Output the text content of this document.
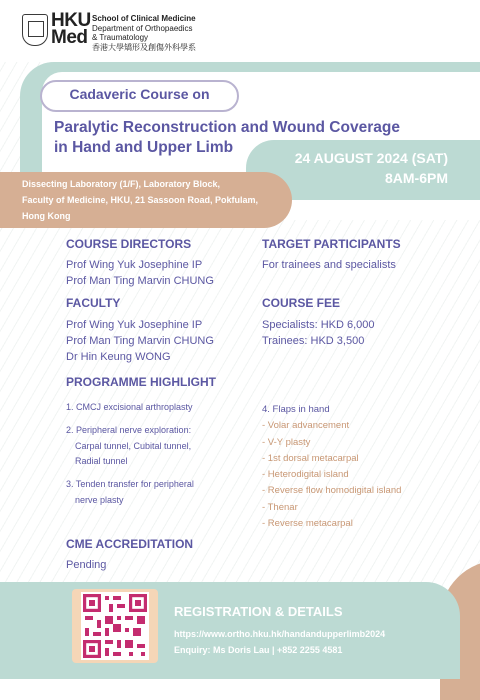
HKU
Med
School of Clinical Medicine
Department of Orthopaedics
& Traumatology
香港大學矯形及創傷外科學系
Cadaveric Course on
Paralytic Reconstruction and Wound Coverage
in Hand and Upper Limb
24 AUGUST 2024 (SAT)
8AM-6PM
Dissecting Laboratory (1/F), Laboratory Block,
Faculty of Medicine, HKU, 21 Sassoon Road, Pokfulam,
Hong Kong
COURSE DIRECTORS
Prof Wing Yuk Josephine IP
Prof Man Ting Marvin CHUNG
TARGET PARTICIPANTS
For trainees and specialists
FACULTY
Prof Wing Yuk Josephine IP
Prof Man Ting Marvin CHUNG
Dr Hin Keung WONG
COURSE FEE
Specialists: HKD 6,000
Trainees: HKD 3,500
PROGRAMME HIGHLIGHT
1. CMCJ excisional arthroplasty
2. Peripheral nerve exploration:
Carpal tunnel, Cubital tunnel,
Radial tunnel
3. Tenden transfer for peripheral
nerve plasty
4. Flaps in hand
- Volar advancement
- V-Y plasty
- 1st dorsal metacarpal
- Heterodigital island
- Reverse flow homodigital island
- Thenar
- Reverse metacarpal
CME ACCREDITATION
Pending
REGISTRATION & DETAILS
https://www.ortho.hku.hk/handandupperlimb2024
Enquiry: Ms Doris Lau | +852 2255 4581
